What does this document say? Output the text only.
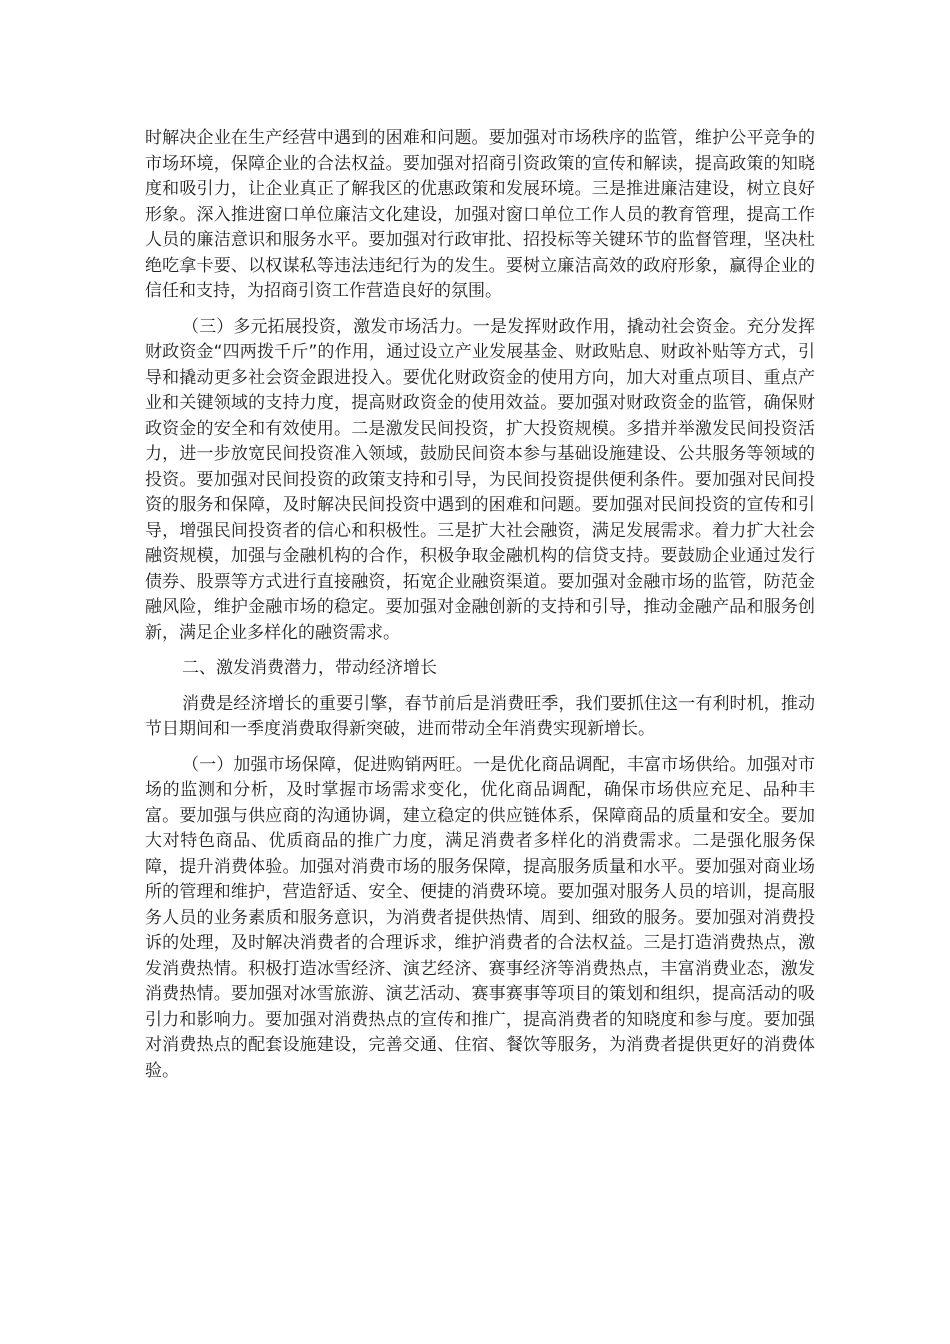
时解决企业在生产经营中遇到的困难和问题。要加强对市场秩序的监管，维护公平竞争的市场环境，保障企业的合法权益。要加强对招商引资政策的宣传和解读，提高政策的知晓度和吸引力，让企业真正了解我区的优惠政策和发展环境。三是推进廉洁建设，树立良好形象。深入推进窗口单位廉洁文化建设，加强对窗口单位工作人员的教育管理，提高工作人员的廉洁意识和服务水平。要加强对行政审批、招投标等关键环节的监督管理，坚决杜绝吃拿卡要、以权谋私等违法违纪行为的发生。要树立廉洁高效的政府形象，赢得企业的信任和支持，为招商引资工作营造良好的氛围。

（三）多元拓展投资，激发市场活力。一是发挥财政作用，撬动社会资金。充分发挥财政资金“四两拨千斤”的作用，通过设立产业发展基金、财政贴息、财政补贴等方式，引导和撬动更多社会资金跟进投入。要优化财政资金的使用方向，加大对重点项目、重点产业和关键领域的支持力度，提高财政资金的使用效益。要加强对财政资金的监管，确保财政资金的安全和有效使用。二是激发民间投资，扩大投资规模。多措并举激发民间投资活力，进一步放宽民间投资准入领域，鼓励民间资本参与基础设施建设、公共服务等领域的投资。要加强对民间投资的政策支持和引导，为民间投资提供便利条件。要加强对民间投资的服务和保障，及时解决民间投资中遇到的困难和问题。要加强对民间投资的宣传和引导，增强民间投资者的信心和积极性。三是扩大社会融资，满足发展需求。着力扩大社会融资规模，加强与金融机构的合作，积极争取金融机构的信贷支持。要鼓励企业通过发行债券、股票等方式进行直接融资，拓宽企业融资渠道。要加强对金融市场的监管，防范金融风险，维护金融市场的稳定。要加强对金融创新的支持和引导，推动金融产品和服务创新，满足企业多样化的融资需求。

二、激发消费潜力，带动经济增长

消费是经济增长的重要引擎，春节前后是消费旺季，我们要抓住这一有利时机，推动节日期间和一季度消费取得新突破，进而带动全年消费实现新增长。

（一）加强市场保障，促进购销两旺。一是优化商品调配，丰富市场供给。加强对市场的监测和分析，及时掌握市场需求变化，优化商品调配，确保市场供应充足、品种丰富。要加强与供应商的沟通协调，建立稳定的供应链体系，保障商品的质量和安全。要加大对特色商品、优质商品的推广力度，满足消费者多样化的消费需求。二是强化服务保障，提升消费体验。加强对消费市场的服务保障，提高服务质量和水平。要加强对商业场所的管理和维护，营造舒适、安全、便捷的消费环境。要加强对服务人员的培训，提高服务人员的业务素质和服务意识，为消费者提供热情、周到、细致的服务。要加强对消费投诉的处理，及时解决消费者的合理诉求，维护消费者的合法权益。三是打造消费热点，激发消费热情。积极打造冰雪经济、演艺经济、赛事经济等消费热点，丰富消费业态，激发消费热情。要加强对冰雪旅游、演艺活动、赛事赛事等项目的策划和组织，提高活动的吸引力和影响力。要加强对消费热点的宣传和推广，提高消费者的知晓度和参与度。要加强对消费热点的配套设施建设，完善交通、住宿、餐饮等服务，为消费者提供更好的消费体验。
